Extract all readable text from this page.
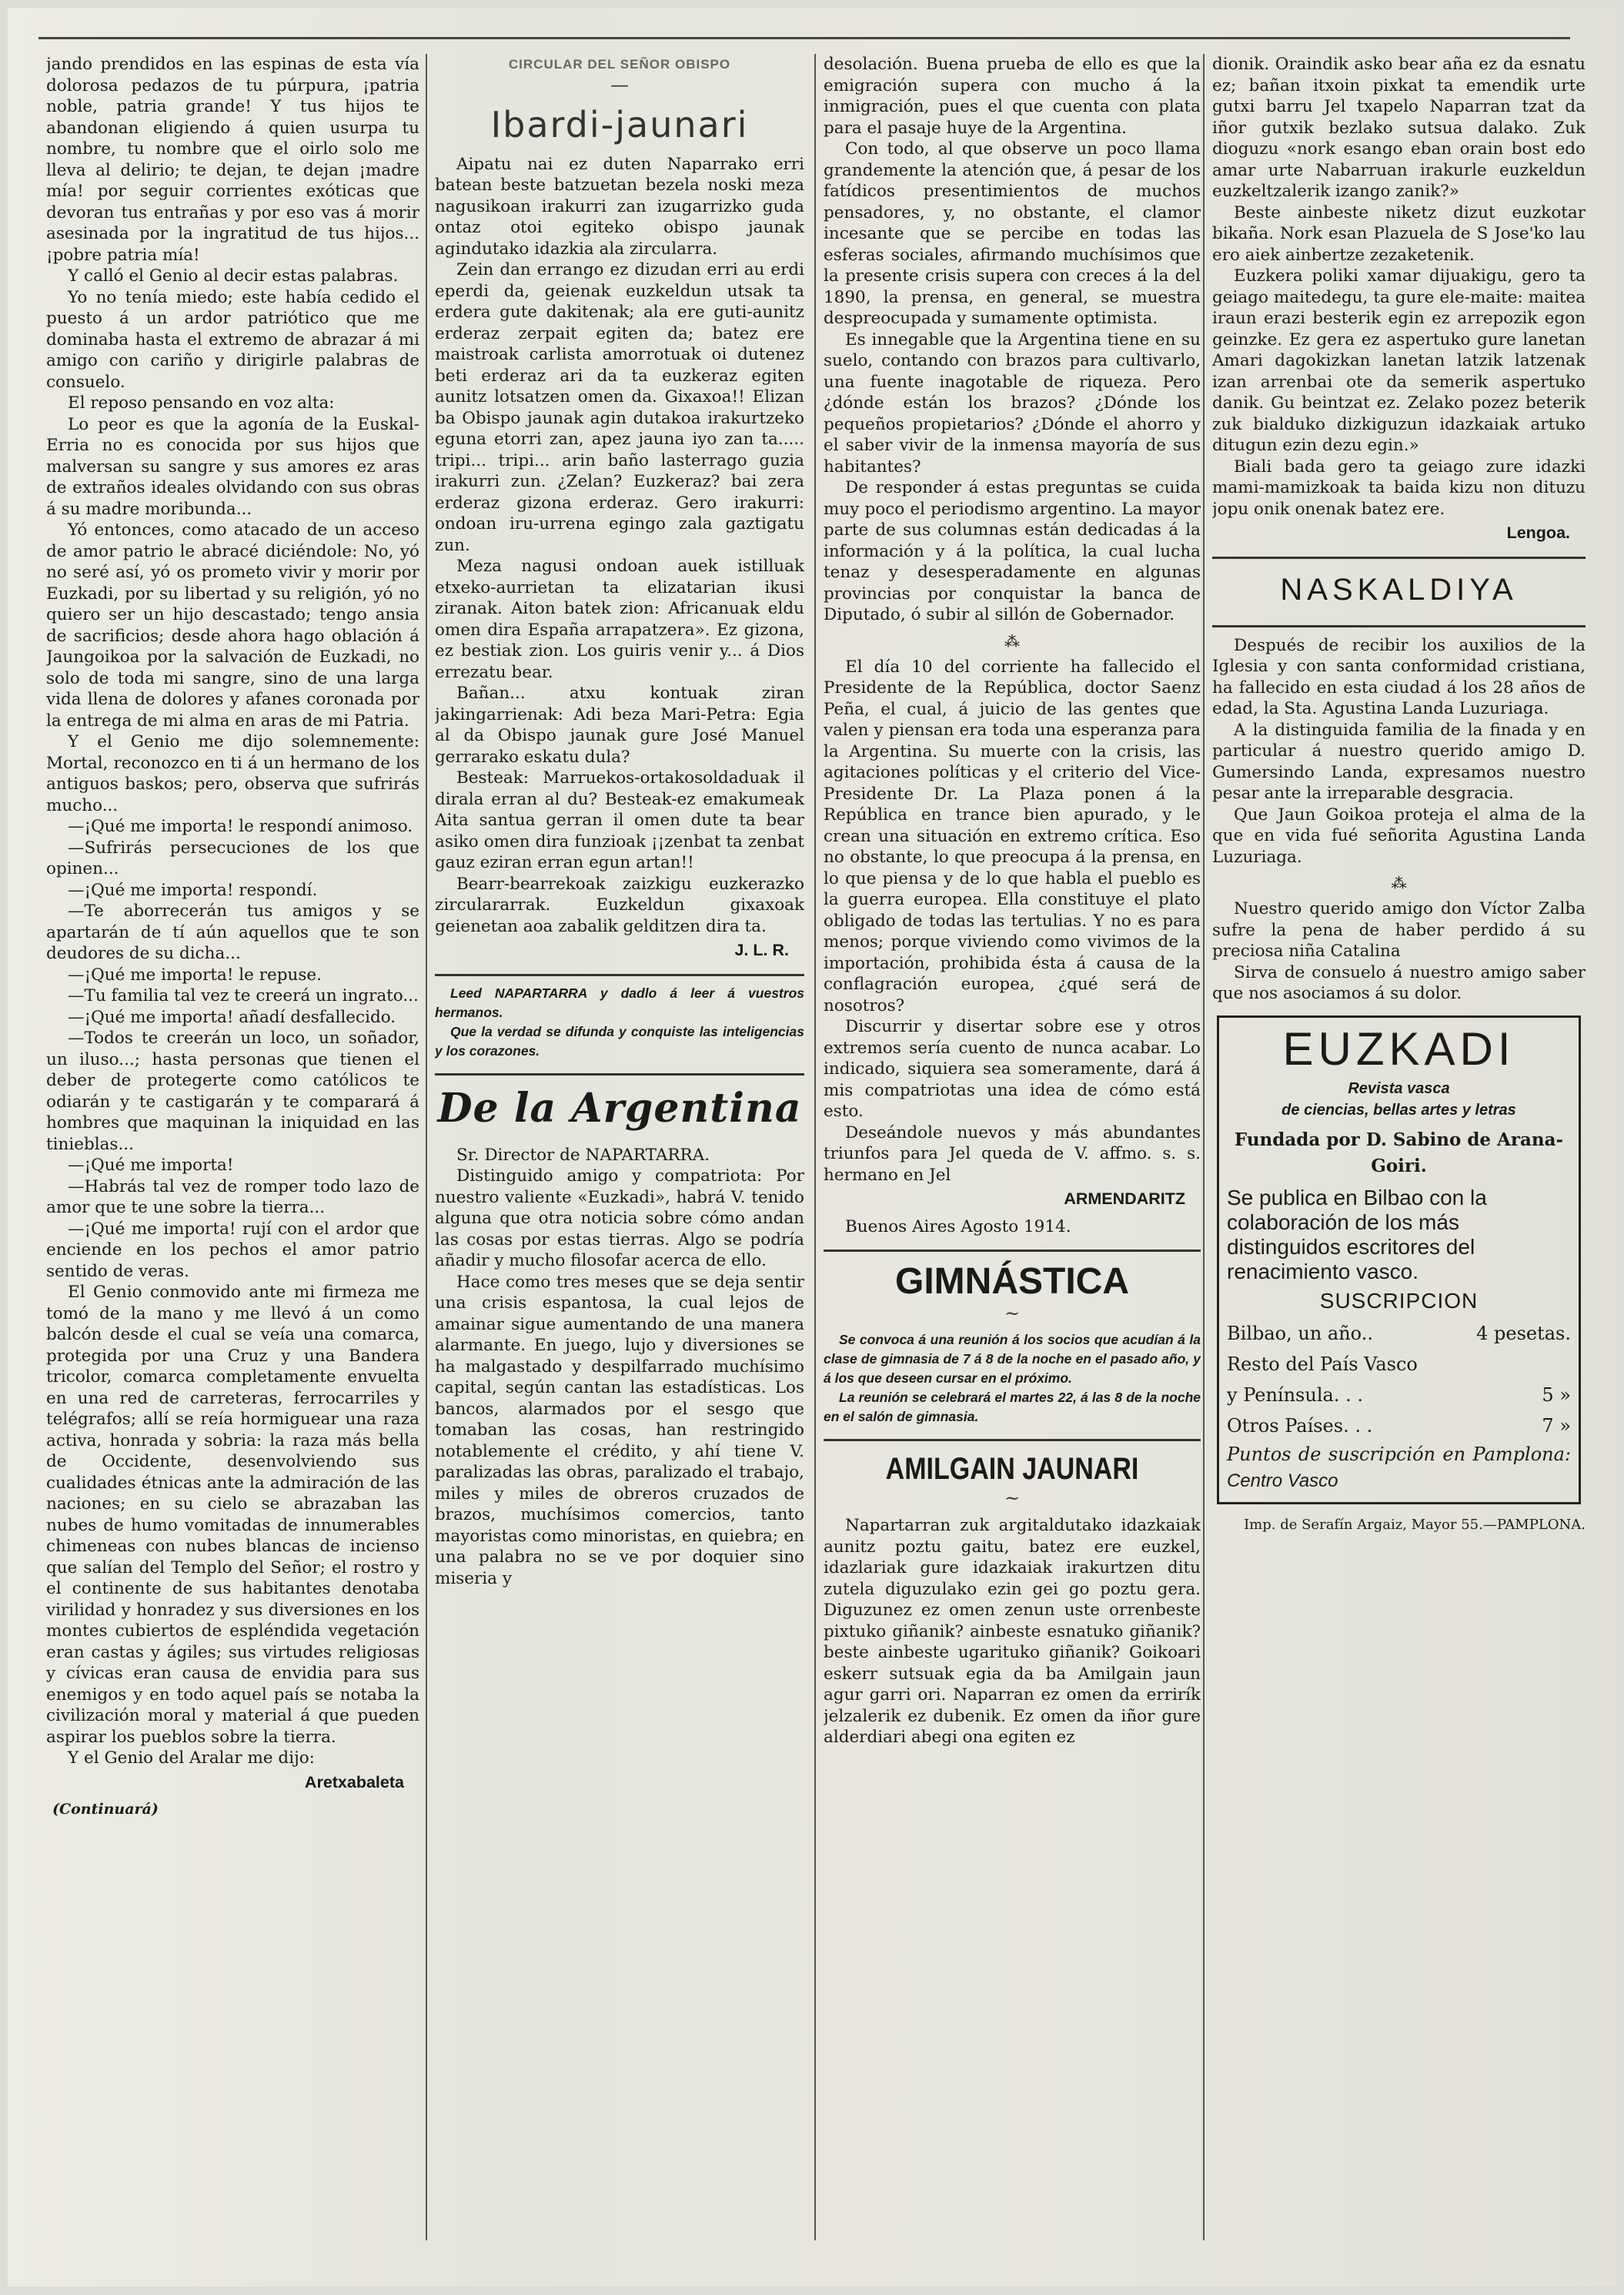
jando prendidos en las espinas de esta vía dolorosa pedazos de tu púrpura, ¡patria noble, patria grande! Y tus hijos te abandonan eligiendo á quien usurpa tu nombre, tu nombre que el oirlo solo me lleva al delirio; te dejan, te dejan ¡madre mía! por seguir corrientes exóticas que devoran tus entrañas y por eso vas á morir asesinada por la ingratitud de tus hijos... ¡pobre patria mía!

Y calló el Genio al decir estas palabras.

Yo no tenía miedo; este había cedido el puesto á un ardor patriótico que me dominaba hasta el extremo de abrazar á mi amigo con cariño y dirigirle palabras de consuelo.

El reposo pensando en voz alta:

Lo peor es que la agonía de la Euskal-Erria no es conocida por sus hijos que malversan su sangre y sus amores ez aras de extraños ideales olvidando con sus obras á su madre moribunda...

Yó entonces, como atacado de un acceso de amor patrio le abracé diciéndole: No, yó no seré así, yó os prometo vivir y morir por Euzkadi, por su libertad y su religión, yó no quiero ser un hijo descastado; tengo ansia de sacrificios; desde ahora hago oblación á Jaungoikoa por la salvación de Euzkadi, no solo de toda mi sangre, sino de una larga vida llena de dolores y afanes coronada por la entrega de mi alma en aras de mi Patria.

Y el Genio me dijo solemnemente: Mortal, reconozco en ti á un hermano de los antiguos baskos; pero, observa que sufrirás mucho...

—¡Qué me importa! le respondí animoso.

—Sufrirás persecuciones de los que opinen...

—¡Qué me importa! respondí.

—Te aborrecerán tus amigos y se apartarán de tí aún aquellos que te son deudores de su dicha...

—¡Qué me importa! le repuse.

—Tu familia tal vez te creerá un ingrato...

—¡Qué me importa! añadí desfallecido.

—Todos te creerán un loco, un soñador, un iluso...; hasta personas que tienen el deber de protegerte como católicos te odiarán y te castigarán y te comparará á hombres que maquinan la iniquidad en las tinieblas...

—¡Qué me importa!

—Habrás tal vez de romper todo lazo de amor que te une sobre la tierra...

—¡Qué me importa! rují con el ardor que enciende en los pechos el amor patrio sentido de veras.

El Genio conmovido ante mi firmeza me tomó de la mano y me llevó á un como balcón desde el cual se veía una comarca, protegida por una Cruz y una Bandera tricolor, comarca completamente envuelta en una red de carreteras, ferrocarriles y telégrafos; allí se reía hormiguear una raza activa, honrada y sobria: la raza más bella de Occidente, desenvolviendo sus cualidades étnicas ante la admiración de las naciones; en su cielo se abrazaban las nubes de humo vomitadas de innumerables chimeneas con nubes blancas de incienso que salían del Templo del Señor; el rostro y el continente de sus habitantes denotaba virilidad y honradez y sus diversiones en los montes cubiertos de espléndida vegetación eran castas y ágiles; sus virtudes religiosas y cívicas eran causa de envidia para sus enemigos y en todo aquel país se notaba la civilización moral y material á que pueden aspirar los pueblos sobre la tierra.

Y el Genio del Aralar me dijo:

Aretxabaleta
(Continuará)
CIRCULAR DEL SEÑOR OBISPO
—
Ibardi-jaunari

Aipatu nai ez duten Naparrako erri batean beste batzuetan bezela noski meza nagusikoan irakurri zan izugarrizko guda ontaz otoi egiteko obispo jaunak agindutako idazkia ala zircularra.

Zein dan errango ez dizudan erri au erdi eperdi da, geienak euzkeldun utsak ta erdera gute dakitenak; ala ere guti-aunitz erderaz zerpait egiten da; batez ere maistroak carlista amorrotuak oi dutenez beti erderaz ari da ta euzkeraz egiten aunitz lotsatzen omen da. Gixaxoa!! Elizan ba Obispo jaunak agin dutakoa irakurtzeko eguna etorri zan, apez jauna iyo zan ta..... tripi... tripi... arin baño lasterrago guzia irakurri zun. ¿Zelan? Euzkeraz? bai zera erderaz gizona erderaz. Gero irakurri: ondoan iru-urrena egingo zala gaztigatu zun.

Meza nagusi ondoan auek istilluak etxeko-aurrietan ta elizatarian ikusi ziranak. Aiton batek zion: Africanuak eldu omen dira España arrapatzera». Ez gizona, ez bestiak zion. Los guiris venir y... á Dios errezatu bear.

Bañan... atxu kontuak ziran jakingarrienak: Adi beza Mari-Petra: Egia al da Obispo jaunak gure José Manuel gerrarako eskatu dula?

Besteak: Marruekos-ortakosoldaduak il dirala erran al du? Besteak-ez emakumeak Aita santua gerran il omen dute ta bear asiko omen dira funzioak ¡¡zenbat ta zenbat gauz eziran erran egun artan!!

Bearr-bearrekoak zaizkigu euzkerazko zirculararrak. Euzkeldun gixaxoak geienetan aoa zabalik gelditzen dira ta.

J. L. R.

Leed NAPARTARRA y dadlo á leer á vuestros hermanos.

Que la verdad se difunda y conquiste las inteligencias y los corazones.

De la Argentina

Sr. Director de NAPARTARRA.

Distinguido amigo y compatriota: Por nuestro valiente «Euzkadi», habrá V. tenido alguna que otra noticia sobre cómo andan las cosas por estas tierras. Algo se podría añadir y mucho filosofar acerca de ello.

Hace como tres meses que se deja sentir una crisis espantosa, la cual lejos de amainar sigue aumentando de una manera alarmante. En juego, lujo y diversiones se ha malgastado y despilfarrado muchísimo capital, según cantan las estadísticas. Los bancos, alarmados por el sesgo que tomaban las cosas, han restringido notablemente el crédito, y ahí tiene V. paralizadas las obras, paralizado el trabajo, miles y miles de obreros cruzados de brazos, muchísimos comercios, tanto mayoristas como minoristas, en quiebra; en una palabra no se ve por doquier sino miseria y

desolación. Buena prueba de ello es que la emigración supera con mucho á la inmigración, pues el que cuenta con plata para el pasaje huye de la Argentina.

Con todo, al que observe un poco llama grandemente la atención que, á pesar de los fatídicos presentimientos de muchos pensadores, y, no obstante, el clamor incesante que se percibe en todas las esferas sociales, afirmando muchísimos que la presente crisis supera con creces á la del 1890, la prensa, en general, se muestra despreocupada y sumamente optimista.

Es innegable que la Argentina tiene en su suelo, contando con brazos para cultivarlo, una fuente inagotable de riqueza. Pero ¿dónde están los brazos? ¿Dónde los pequeños propietarios? ¿Dónde el ahorro y el saber vivir de la inmensa mayoría de sus habitantes?

De responder á estas preguntas se cuida muy poco el periodismo argentino. La mayor parte de sus columnas están dedicadas á la información y á la política, la cual lucha tenaz y desesperadamente en algunas provincias por conquistar la banca de Diputado, ó subir al sillón de Gobernador.

⁂

El día 10 del corriente ha fallecido el Presidente de la República, doctor Saenz Peña, el cual, á juicio de las gentes que valen y piensan era toda una esperanza para la Argentina. Su muerte con la crisis, las agitaciones políticas y el criterio del Vice-Presidente Dr. La Plaza ponen á la República en trance bien apurado, y le crean una situación en extremo crítica. Eso no obstante, lo que preocupa á la prensa, en lo que piensa y de lo que habla el pueblo es la guerra europea. Ella constituye el plato obligado de todas las tertulias. Y no es para menos; porque viviendo como vivimos de la importación, prohibida ésta á causa de la conflagración europea, ¿qué será de nosotros?

Discurrir y disertar sobre ese y otros extremos sería cuento de nunca acabar. Lo indicado, siquiera sea someramente, dará á mis compatriotas una idea de cómo está esto.

Deseándole nuevos y más abundantes triunfos para Jel queda de V. affmo. s. s. hermano en Jel

ARMENDARITZ

Buenos Aires Agosto 1914.

GIMNÁSTICA
~

Se convoca á una reunión á los socios que acudían á la clase de gimnasia de 7 á 8 de la noche en el pasado año, y á los que deseen cursar en el próximo.

La reunión se celebrará el martes 22, á las 8 de la noche en el salón de gimnasia.

AMILGAIN JAUNARI
~

Napartarran zuk argitaldutako idazkaiak aunitz poztu gaitu, batez ere euzkel, idazlariak gure idazkaiak irakurtzen ditu zutela diguzulako ezin gei go poztu gera. Diguzunez ez omen zenun uste orrenbeste pixtuko giñanik? ainbeste esnatuko giñanik? beste ainbeste ugarituko giñanik? Goikoari eskerr sutsuak egia da ba Amilgain jaun agur garri ori. Naparran ez omen da errirík jelzalerik ez dubenik. Ez omen da iñor gure alderdiari abegi ona egiten ez

dionik. Oraindik asko bear aña ez da esnatu ez; bañan itxoin pixkat ta emendik urte gutxi barru Jel txapelo Naparran tzat da iñor gutxik bezlako sutsua dalako. Zuk dioguzu «nork esango eban orain bost edo amar urte Nabarruan irakurle euzkeldun euzkeltzalerik izango zanik?»

Beste ainbeste niketz dizut euzkotar bikaña. Nork esan Plazuela de S Jose'ko lau ero aiek ainbertze zezaketenik.

Euzkera poliki xamar dijuakigu, gero ta geiago maitedegu, ta gure ele-maite: maitea iraun erazi besterik egin ez arrepozik egon geinzke. Ez gera ez aspertuko gure lanetan Amari dagokizkan lanetan latzik latzenak izan arrenbai ote da semerik aspertuko danik. Gu beintzat ez. Zelako pozez beterik zuk bialduko dizkiguzun idazkaiak artuko ditugun ezin dezu egin.»

Biali bada gero ta geiago zure idazki mami-mamizkoak ta baida kizu non dituzu jopu onik onenak batez ere.

Lengoa.
NASKALDIYA

Después de recibir los auxilios de la Iglesia y con santa conformidad cristiana, ha fallecido en esta ciudad á los 28 años de edad, la Sta. Agustina Landa Luzuriaga.

A la distinguida familia de la finada y en particular á nuestro querido amigo D. Gumersindo Landa, expresamos nuestro pesar ante la irreparable desgracia.

Que Jaun Goikoa proteja el alma de la que en vida fué señorita Agustina Landa Luzuriaga.

⁂

Nuestro querido amigo don Víctor Zalba sufre la pena de haber perdido á su preciosa niña Catalina

Sirva de consuelo á nuestro amigo saber que nos asociamos á su dolor.

EUZKADI
Revista vasca
de ciencias, bellas artes y letras
Fundada por D. Sabino de Arana-Goiri.
Se publica en Bilbao con la colaboración de los más distinguidos escritores del renacimiento vasco.
SUSCRIPCION
Bilbao, un año..	4 pesetas.
Resto del País Vasco
y Península. . .	5 »
Otros Países. . .	7 »
Puntos de suscripción en Pamplona: Centro Vasco
Imp. de Serafín Argaiz, Mayor 55.—PAMPLONA.
